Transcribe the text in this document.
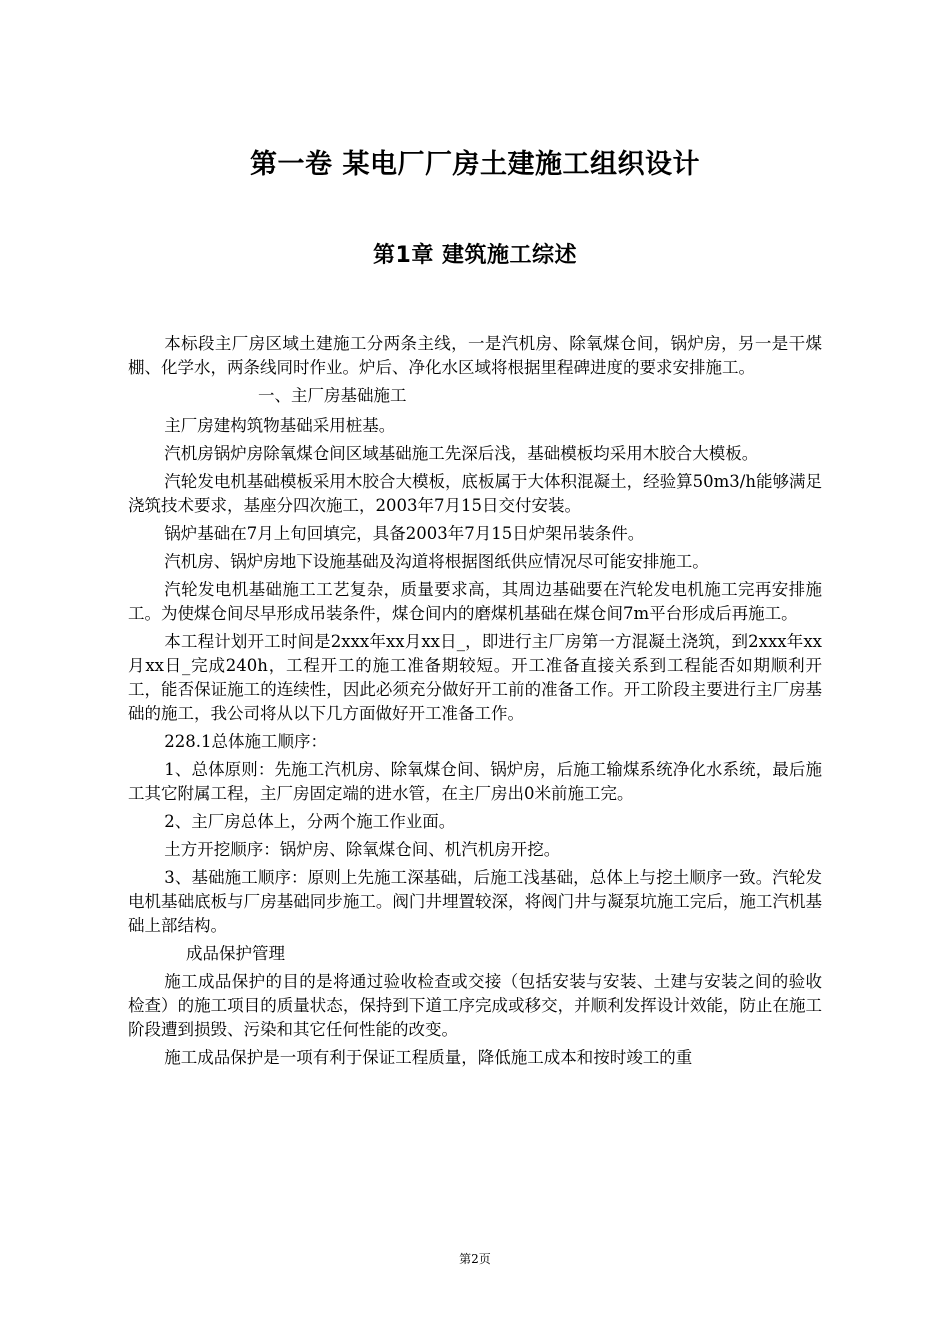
第一卷 某电厂厂房土建施工组织设计
第1章 建筑施工综述

本标段主厂房区域土建施工分两条主线，一是汽机房、除氧煤仓间，锅炉房，另一是干煤棚、化学水，两条线同时作业。炉后、净化水区域将根据里程碑进度的要求安排施工。

一、主厂房基础施工

主厂房建构筑物基础采用桩基。

汽机房锅炉房除氧煤仓间区域基础施工先深后浅，基础模板均采用木胶合大模板。

汽轮发电机基础模板采用木胶合大模板，底板属于大体积混凝土，经验算50m3/h能够满足浇筑技术要求，基座分四次施工，2003年7月15日交付安装。

锅炉基础在7月上旬回填完，具备2003年7月15日炉架吊装条件。

汽机房、锅炉房地下设施基础及沟道将根据图纸供应情况尽可能安排施工。

汽轮发电机基础施工工艺复杂，质量要求高，其周边基础要在汽轮发电机施工完再安排施工。为使煤仓间尽早形成吊装条件，煤仓间内的磨煤机基础在煤仓间7m平台形成后再施工。

本工程计划开工时间是2xxx年xx月xx日_，即进行主厂房第一方混凝土浇筑，到2xxx年xx月xx日_完成240h，工程开工的施工准备期较短。开工准备直接关系到工程能否如期顺利开工，能否保证施工的连续性，因此必须充分做好开工前的准备工作。开工阶段主要进行主厂房基础的施工，我公司将从以下几方面做好开工准备工作。

228.1总体施工顺序：

1、总体原则：先施工汽机房、除氧煤仓间、锅炉房，后施工输煤系统净化水系统，最后施工其它附属工程，主厂房固定端的进水管，在主厂房出0米前施工完。

2、主厂房总体上，分两个施工作业面。

土方开挖顺序：锅炉房、除氧煤仓间、机汽机房开挖。

3、基础施工顺序：原则上先施工深基础，后施工浅基础，总体上与挖土顺序一致。汽轮发电机基础底板与厂房基础同步施工。阀门井埋置较深，将阀门井与凝泵坑施工完后，施工汽机基础上部结构。

成品保护管理

施工成品保护的目的是将通过验收检查或交接（包括安装与安装、土建与安装之间的验收检查）的施工项目的质量状态，保持到下道工序完成或移交，并顺利发挥设计效能，防止在施工阶段遭到损毁、污染和其它任何性能的改变。

施工成品保护是一项有利于保证工程质量，降低施工成本和按时竣工的重

第2页
